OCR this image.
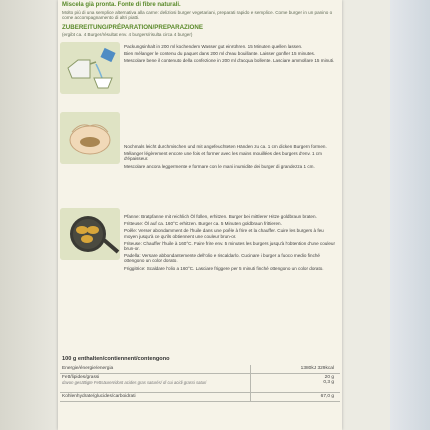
Miscela già pronta. Fonte di fibre naturali.
Molto più di una semplice alternativa alla carne: deliziosi burger vegetariani, preparati rapido e semplice. Come burger in un panino o come accompagnamento di altri piatti.
ZUBEREITUNG/PRÉPARATION/PREPARAZIONE
(ergibt ca. 4 Burger/résultat env. 4 burgers/risulta circa 4 burger)

Packungsinhalt in 200 ml kochendem Wasser gut einrühren. 15 Minuten quellen lassen.

Bien mélanger le contenu du paquet dans 200 ml d'eau bouillante. Laisser gonfler 15 minutes.

Mescolare bene il contenuto della confezione in 200 ml d'acqua bollente. Lasciare ammollare 15 minuti.

Nochmals leicht durchmischen und mit angefeuchteten Händen zu ca. 1 cm dicken Burgern formen.

Mélanger légèrement encore une fois et former avec les mains mouillées des burgers d'env. 1 cm d'épaisseur.

Mescolare ancora leggermente e formare con le mani inumidite dei burger di grandezza 1 cm.

Pfanne: Bratpfanne mit reichlich Öl füllen, erhitzen. Burger bei mittlerer Hitze goldbraun braten.

Fritteuse: Öl auf ca. 160°C erhitzen. Burger ca. 5 Minuten goldbraun frittieren.

Poêle: Verser abondamment de l'huile dans une poêle à frire et la chauffer. Cuire les burgers à feu moyen jusqu'à ce qu'ils obtiennent une couleur brun-or.

Friteuse: Chauffer l'huile à 160°C. Faire frire env. 5 minutes les burgers jusqu'à l'obtention d'une couleur brun-or.

Padella: Versare abbondantemente dell'olio e riscaldarlo. Cucinare i burger a fuoco medio finché ottengono un color dorato.

Friggitrice: Scaldare l'olio a 160°C. Lasciare friggere per 5 minuti finché ottengono un color dorato.

100 g enthalten/contiennent/contengono
Energie/énergie/energia	1380kJ 329kcal
Fett/lipides/grassi
davon gesättigte Fettsäuren/dont acides gras saturés/ di cui acidi grassi saturi
20 g
0,3 g
Kohlenhydrate/glucides/carboidrati	67,0 g
